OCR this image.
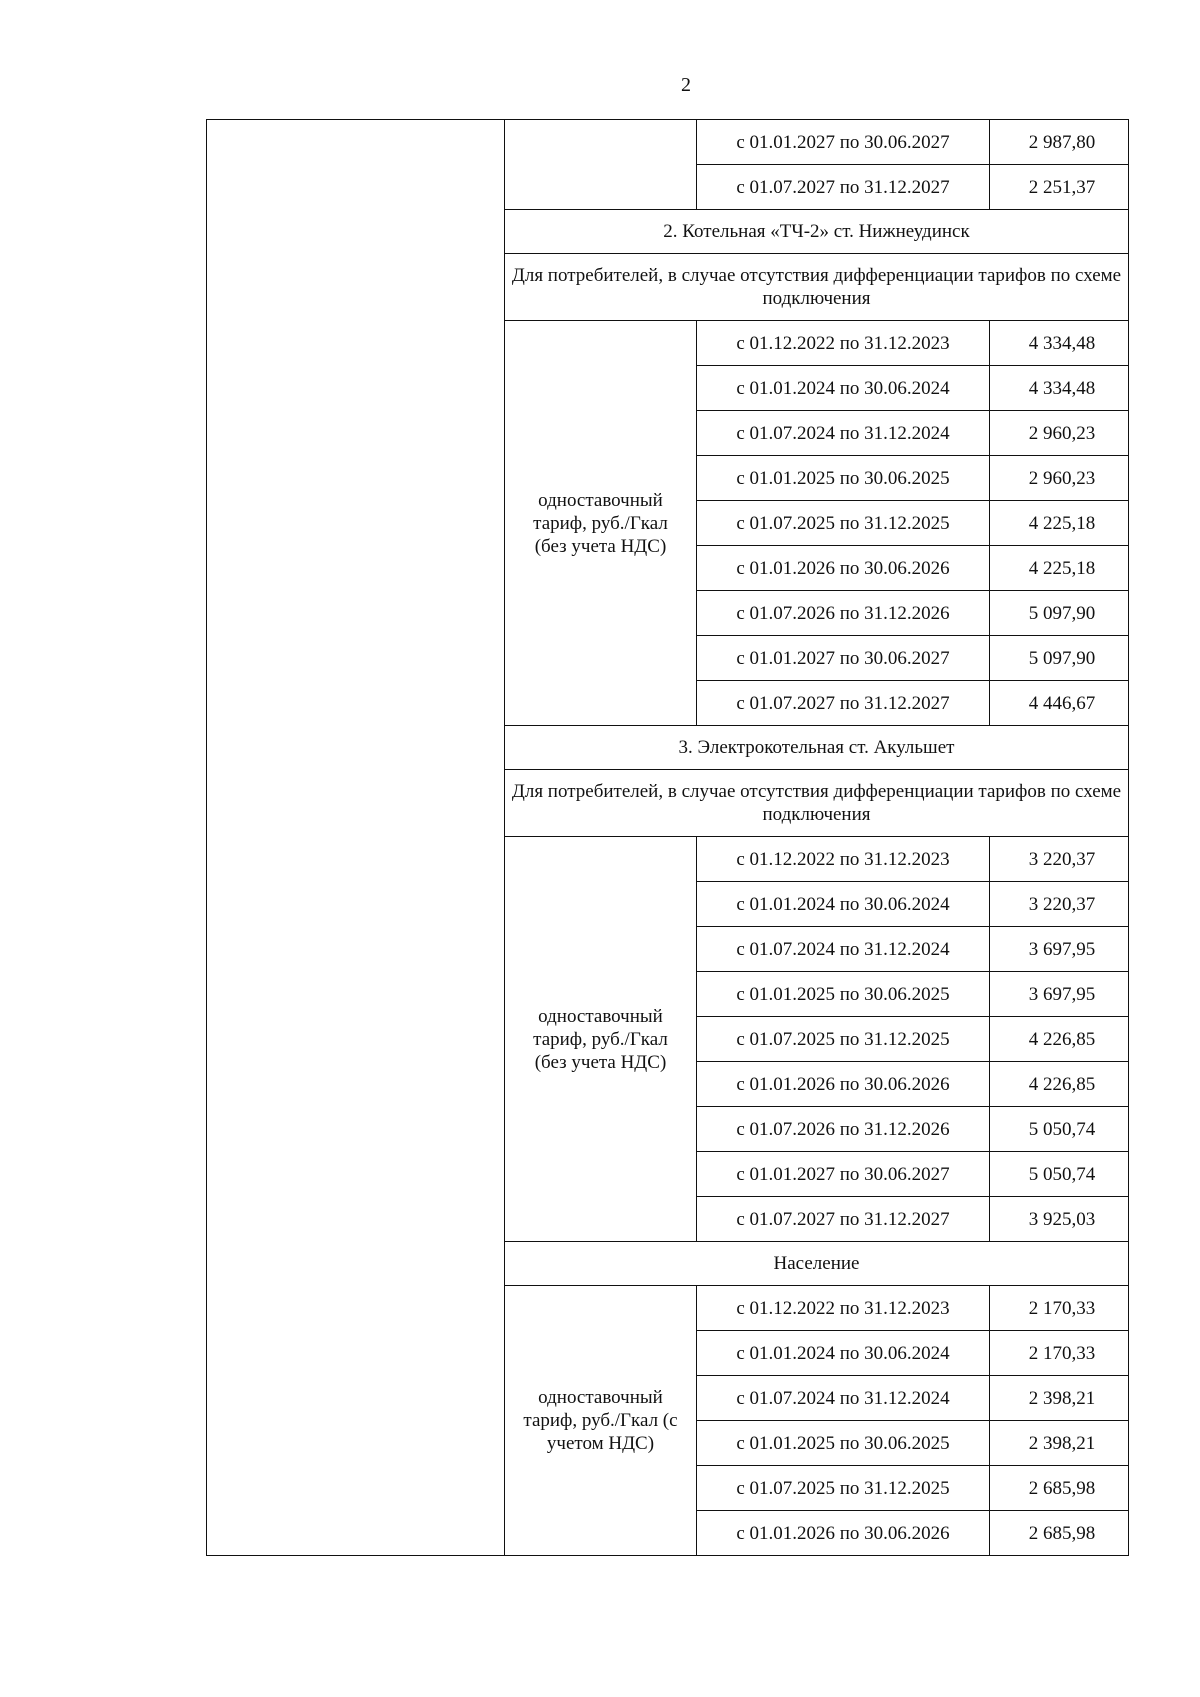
2
		с 01.01.2027 по 30.06.2027	2 987,80
		с 01.07.2027 по 31.12.2027	2 251,37
	2. Котельная «ТЧ-2» ст. Нижнеудинск		
	Для потребителей, в случае отсутствия дифференциации тарифов по схеме подключения		
	одноставочный тариф, руб./Гкал (без учета НДС)	с 01.12.2022 по 31.12.2023	4 334,48
		с 01.01.2024 по 30.06.2024	4 334,48
		с 01.07.2024 по 31.12.2024	2 960,23
		с 01.01.2025 по 30.06.2025	2 960,23
		с 01.07.2025 по 31.12.2025	4 225,18
		с 01.01.2026 по 30.06.2026	4 225,18
		с 01.07.2026 по 31.12.2026	5 097,90
		с 01.01.2027 по 30.06.2027	5 097,90
		с 01.07.2027 по 31.12.2027	4 446,67
	3. Электрокотельная ст. Акульшет		
	Для потребителей, в случае отсутствия дифференциации тарифов по схеме подключения		
	одноставочный тариф, руб./Гкал (без учета НДС)	с 01.12.2022 по 31.12.2023	3 220,37
		с 01.01.2024 по 30.06.2024	3 220,37
		с 01.07.2024 по 31.12.2024	3 697,95
		с 01.01.2025 по 30.06.2025	3 697,95
		с 01.07.2025 по 31.12.2025	4 226,85
		с 01.01.2026 по 30.06.2026	4 226,85
		с 01.07.2026 по 31.12.2026	5 050,74
		с 01.01.2027 по 30.06.2027	5 050,74
		с 01.07.2027 по 31.12.2027	3 925,03
	Население		
	одноставочный тариф, руб./Гкал (с учетом НДС)	с 01.12.2022 по 31.12.2023	2 170,33
		с 01.01.2024 по 30.06.2024	2 170,33
		с 01.07.2024 по 31.12.2024	2 398,21
		с 01.01.2025 по 30.06.2025	2 398,21
		с 01.07.2025 по 31.12.2025	2 685,98
		с 01.01.2026 по 30.06.2026	2 685,98
